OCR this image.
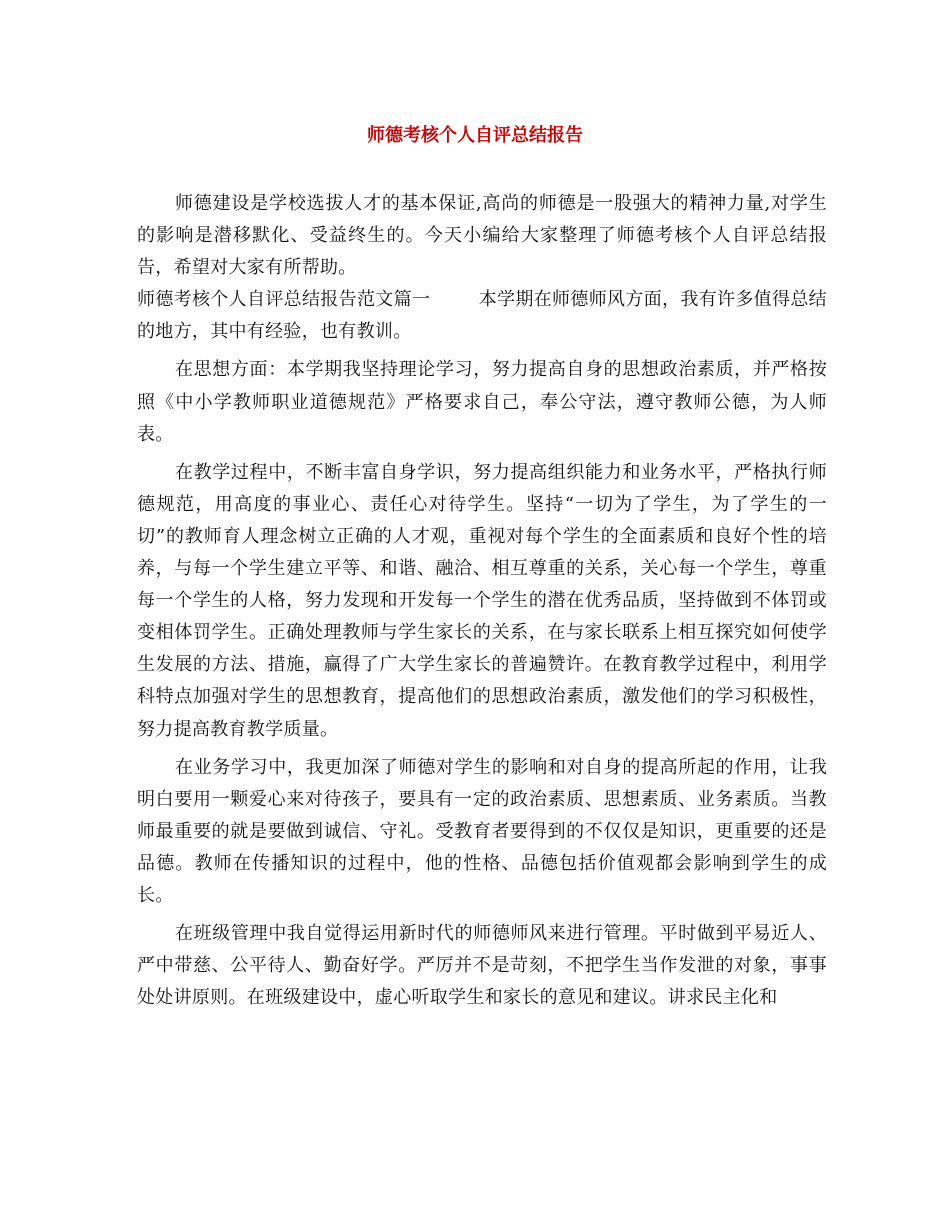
师德考核个人自评总结报告

师德建设是学校选拔人才的基本保证,高尚的师德是一股强大的精神力量,对学生的影响是潜移默化、受益终生的。今天小编给大家整理了师德考核个人自评总结报告，希望对大家有所帮助。

师德考核个人自评总结报告范文篇一	本学期在师德师风方面，我有许多值得总结的地方，其中有经验，也有教训。

在思想方面：本学期我坚持理论学习，努力提高自身的思想政治素质，并严格按照《中小学教师职业道德规范》严格要求自己，奉公守法，遵守教师公德，为人师表。

在教学过程中，不断丰富自身学识，努力提高组织能力和业务水平，严格执行师德规范，用高度的事业心、责任心对待学生。坚持“一切为了学生，为了学生的一切”的教师育人理念树立正确的人才观，重视对每个学生的全面素质和良好个性的培养，与每一个学生建立平等、和谐、融洽、相互尊重的关系，关心每一个学生，尊重每一个学生的人格，努力发现和开发每一个学生的潜在优秀品质，坚持做到不体罚或变相体罚学生。正确处理教师与学生家长的关系，在与家长联系上相互探究如何使学生发展的方法、措施，赢得了广大学生家长的普遍赞许。在教育教学过程中，利用学科特点加强对学生的思想教育，提高他们的思想政治素质，激发他们的学习积极性，努力提高教育教学质量。

在业务学习中，我更加深了师德对学生的影响和对自身的提高所起的作用，让我明白要用一颗爱心来对待孩子，要具有一定的政治素质、思想素质、业务素质。当教师最重要的就是要做到诚信、守礼。受教育者要得到的不仅仅是知识，更重要的还是品德。教师在传播知识的过程中，他的性格、品德包括价值观都会影响到学生的成长。

在班级管理中我自觉得运用新时代的师德师风来进行管理。平时做到平易近人、严中带慈、公平待人、勤奋好学。严厉并不是苛刻，不把学生当作发泄的对象，事事处处讲原则。在班级建设中，虚心听取学生和家长的意见和建议。讲求民主化和
